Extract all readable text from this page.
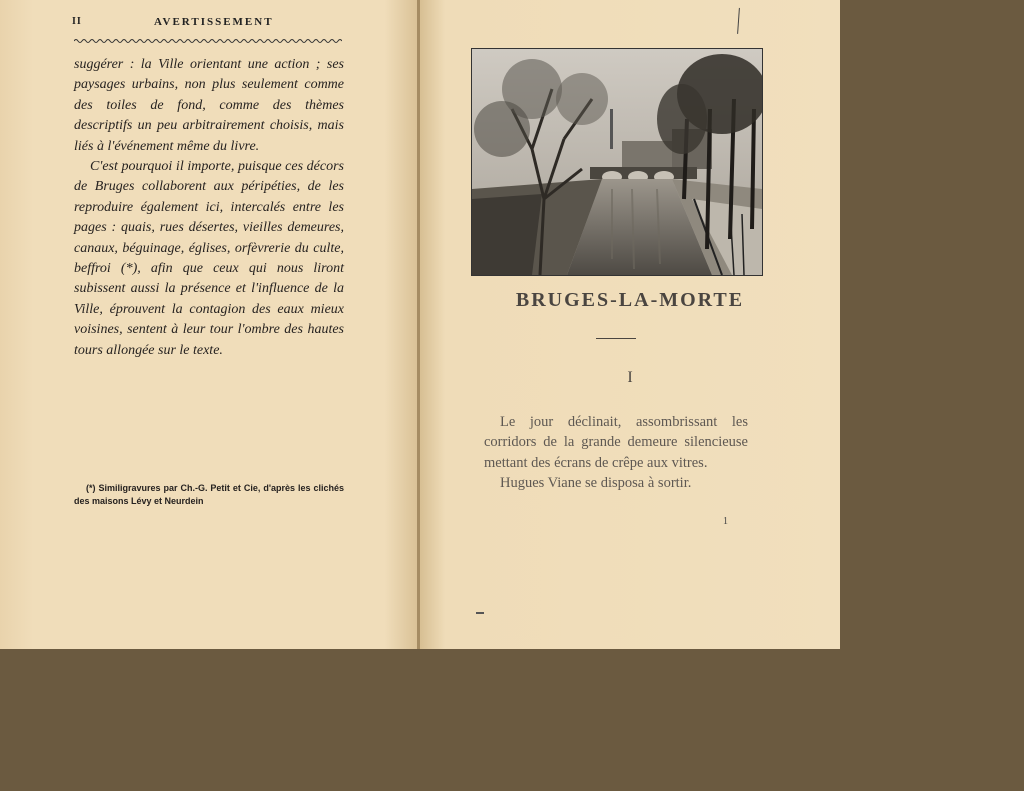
II	AVERTISSEMENT

suggérer : la Ville orientant une action ; ses paysages urbains, non plus seulement comme des toiles de fond, comme des thèmes descriptifs un peu arbitrairement choisis, mais liés à l'événement même du livre.

C'est pourquoi il importe, puisque ces décors de Bruges collaborent aux péripéties, de les reproduire également ici, intercalés entre les pages : quais, rues désertes, vieilles demeures, canaux, béguinage, églises, orfèvrerie du culte, beffroi (*), afin que ceux qui nous liront subissent aussi la présence et l'influence de la Ville, éprouvent la contagion des eaux mieux voisines, sentent à leur tour l'ombre des hautes tours allongée sur le texte.

(*) Similigravures par Ch.-G. Petit et Cie, d'après les clichés des maisons Lévy et Neurdein
BRUGES-LA-MORTE
I

Le jour déclinait, assombrissant les corridors de la grande demeure silencieuse mettant des écrans de crêpe aux vitres.

Hugues Viane se disposa à sortir.

1
